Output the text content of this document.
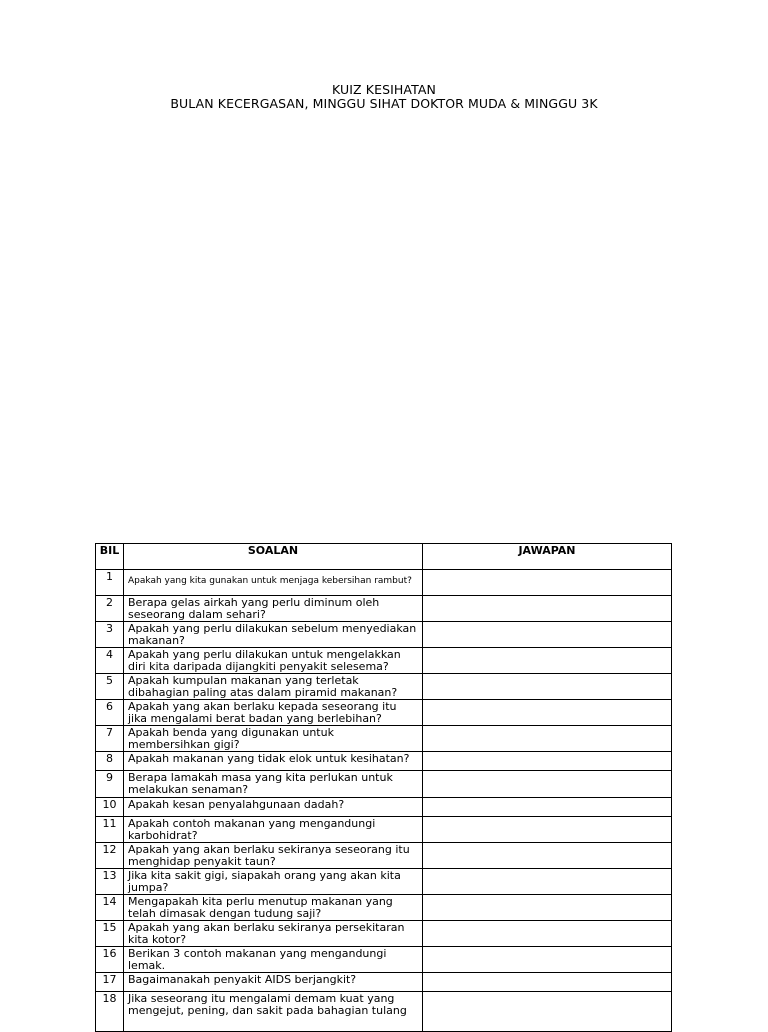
KUIZ KESIHATAN
BULAN KECERGASAN, MINGGU SIHAT DOKTOR MUDA & MINGGU 3K
BIL	SOALAN	JAWAPAN
1	Apakah yang kita gunakan untuk menjaga kebersihan rambut?	
2	Berapa gelas airkah yang perlu diminum oleh seseorang dalam sehari?	
3	Apakah yang perlu dilakukan sebelum menyediakan makanan?	
4	Apakah yang perlu dilakukan untuk mengelakkan diri kita daripada dijangkiti penyakit selesema?	
5	Apakah kumpulan makanan yang terletak dibahagian paling atas dalam piramid makanan?	
6	Apakah yang akan berlaku kepada seseorang itu jika mengalami berat badan yang berlebihan?	
7	Apakah benda yang digunakan untuk membersihkan gigi?	
8	Apakah makanan yang tidak elok untuk kesihatan?	
9	Berapa lamakah masa yang kita perlukan untuk melakukan senaman?	
10	Apakah kesan penyalahgunaan dadah?	
11	Apakah contoh makanan yang mengandungi karbohidrat?	
12	Apakah yang akan berlaku sekiranya seseorang itu menghidap penyakit taun?	
13	Jika kita sakit gigi, siapakah orang yang akan kita jumpa?	
14	Mengapakah kita perlu menutup makanan yang telah dimasak dengan tudung saji?	
15	Apakah yang akan berlaku sekiranya persekitaran kita kotor?	
16	Berikan 3 contoh makanan yang mengandungi lemak.	
17	Bagaimanakah penyakit AIDS berjangkit?	
18	Jika seseorang itu mengalami demam kuat yang mengejut, pening, dan sakit pada bahagian tulang	
